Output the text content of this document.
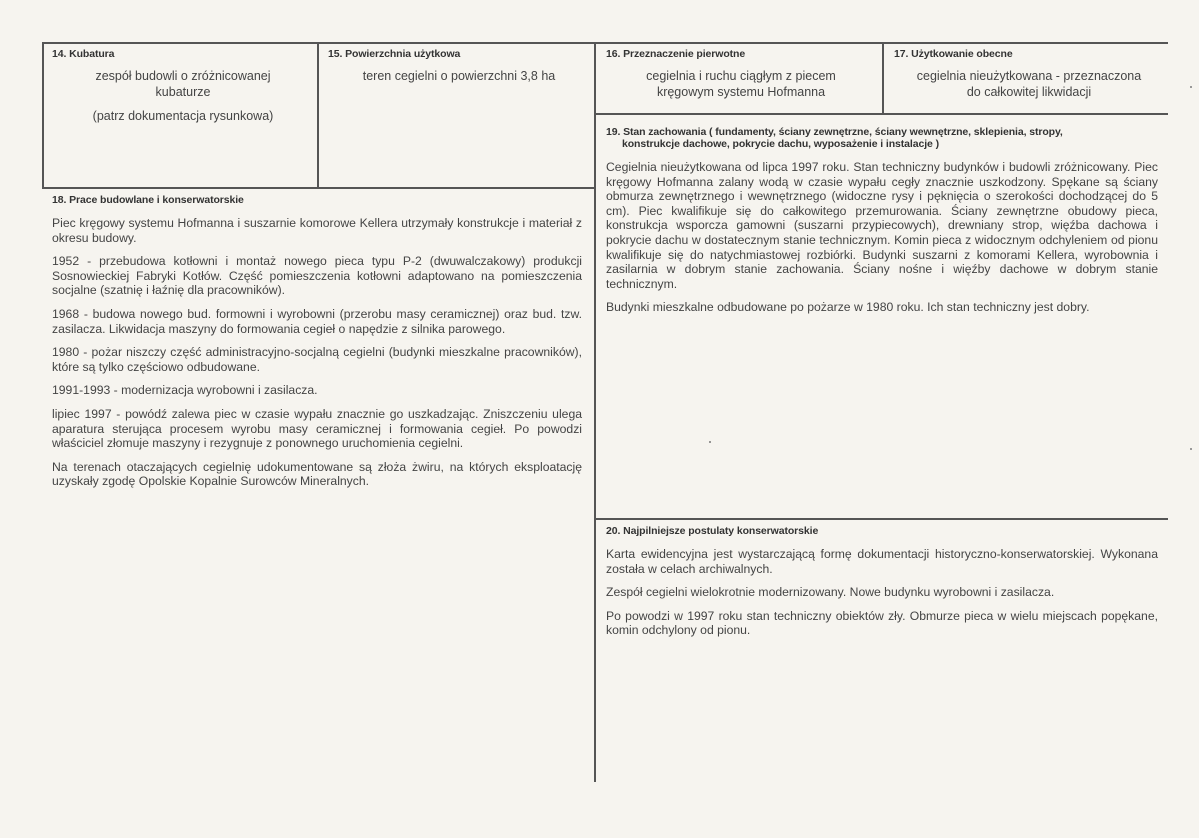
14. Kubatura
zespół budowli o zróżnicowanej
kubaturze
(patrz dokumentacja rysunkowa)
15. Powierzchnia użytkowa
teren cegielni o powierzchni 3,8 ha
16. Przeznaczenie pierwotne
cegielnia i ruchu ciągłym z piecem
kręgowym systemu Hofmanna
17. Użytkowanie obecne
cegielnia nieużytkowana - przeznaczona
do całkowitej likwidacji
18. Prace budowlane i konserwatorskie

Piec kręgowy systemu Hofmanna i suszarnie komorowe Kellera utrzymały konstrukcje i materiał z okresu budowy.

1952 - przebudowa kotłowni i montaż nowego pieca typu P-2 (dwuwalczakowy) produkcji Sosnowieckiej Fabryki Kotłów. Część pomieszczenia kotłowni adaptowano na pomieszczenia socjalne (szatnię i łaźnię dla pracowników).

1968 - budowa nowego bud. formowni i wyrobowni (przerobu masy ceramicznej) oraz bud. tzw. zasilacza. Likwidacja maszyny do formowania cegieł o napędzie z silnika parowego.

1980 - pożar niszczy część administracyjno-socjalną cegielni (budynki mieszkalne pracowników), które są tylko częściowo odbudowane.

1991-1993 - modernizacja wyrobowni i zasilacza.

lipiec 1997 - powódź zalewa piec w czasie wypału znacznie go uszkadzając. Zniszczeniu ulega aparatura sterująca procesem wyrobu masy ceramicznej i formowania cegieł. Po powodzi właściciel złomuje maszyny i rezygnuje z ponownego uruchomienia cegielni.

Na terenach otaczających cegielnię udokumentowane są złoża żwiru, na których eksploatację uzyskały zgodę Opolskie Kopalnie Surowców Mineralnych.

19. Stan zachowania ( fundamenty, ściany zewnętrzne, ściany wewnętrzne, sklepienia, stropy,
konstrukcje dachowe, pokrycie dachu, wyposażenie i instalacje )

Cegielnia nieużytkowana od lipca 1997 roku. Stan techniczny budynków i budowli zróżnicowany. Piec kręgowy Hofmanna zalany wodą w czasie wypału cegły znacznie uszkodzony. Spękane są ściany obmurza zewnętrznego i wewnętrznego (widoczne rysy i pęknięcia o szerokości dochodzącej do 5 cm). Piec kwalifikuje się do całkowitego przemurowania. Ściany zewnętrzne obudowy pieca, konstrukcja wsporcza gamowni (suszarni przypiecowych), drewniany strop, więźba dachowa i pokrycie dachu w dostatecznym stanie technicznym. Komin pieca z widocznym odchyleniem od pionu kwalifikuje się do natychmiastowej rozbiórki. Budynki suszarni z komorami Kellera, wyrobownia i zasilarnia w dobrym stanie zachowania. Ściany nośne i więźby dachowe w dobrym stanie technicznym.

Budynki mieszkalne odbudowane po pożarze w 1980 roku. Ich stan techniczny jest dobry.

20. Najpilniejsze postulaty konserwatorskie

Karta ewidencyjna jest wystarczającą formę dokumentacji historyczno-konserwatorskiej. Wykonana została w celach archiwalnych.

Zespół cegielni wielokrotnie modernizowany. Nowe budynku wyrobowni i zasilacza.

Po powodzi w 1997 roku stan techniczny obiektów zły. Obmurze pieca w wielu miejscach popękane, komin odchylony od pionu.
